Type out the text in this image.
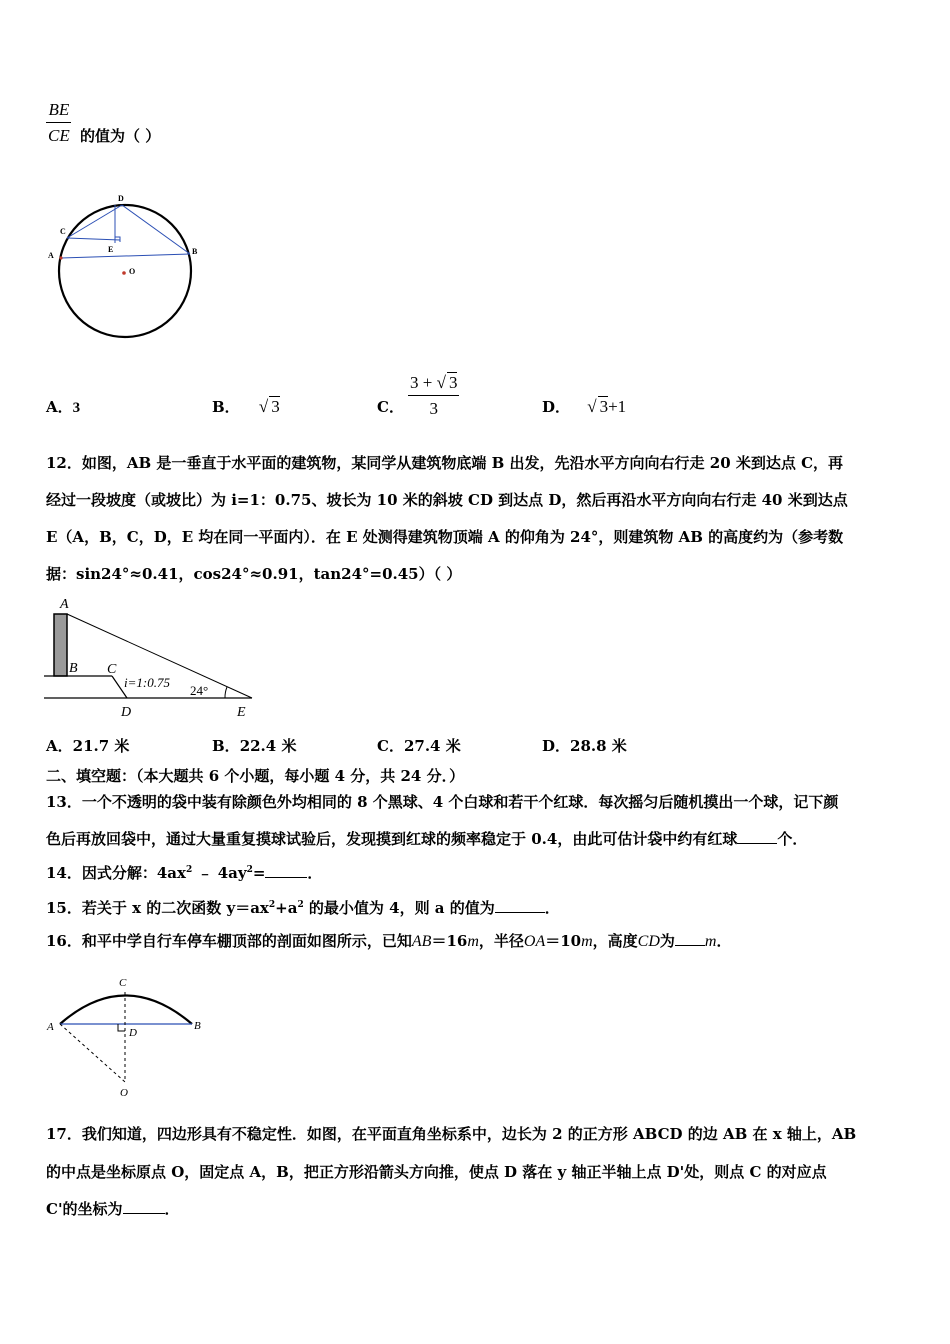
$\frac{BE}{CE}$ 的值为（ ）
D
C
A
E	B
O
A．3	B． √ 3	C． $\frac{3 + √ 3}{3}$	D． √ 3+1
12．如图，AB 是一垂直于水平面的建筑物，某同学从建筑物底端 B 出发，先沿水平方向向右行走 20 米到达点 C，再
经过一段坡度（或坡比）为 i=1：0.75、坡长为 10 米的斜坡 CD 到达点 D，然后再沿水平方向向右行走 40 米到达点
E（A，B，C，D，E 均在同一平面内）．在 E 处测得建筑物顶端 A 的仰角为 24°，则建筑物 AB 的高度约为（参考数
据：sin24°≈0.41，cos24°≈0.91，tan24°=0.45）（ ）
A
B C
i=1:0.75
24°
D	E
A．21.7 米	B．22.4 米	C．27.4 米	D．28.8 米
二、填空题：（本大题共 6 个小题，每小题 4 分，共 24 分．）
13．一个不透明的袋中装有除颜色外均相同的 8 个黑球、4 个白球和若干个红球．每次摇匀后随机摸出一个球，记下颜
色后再放回袋中，通过大量重复摸球试验后，发现摸到红球的频率稳定于 0.4，由此可估计袋中约有红球	个．
14．因式分解：$4ax^2$ ﹣ $4ay^2=$	．
15．若关于 x 的二次函数 $y=ax^2+a^2$ 的最小值为 4，则 a 的值为	．
16．和平中学自行车停车棚顶部的剖面如图所示，已知AB＝16m，半径OA＝10m，高度CD为 m．
C
A	B
D
O
17．我们知道，四边形具有不稳定性．如图，在平面直角坐标系中，边长为 2 的正方形 ABCD 的边 AB 在 x 轴上，AB
的中点是坐标原点 O，固定点 A，B，把正方形沿箭头方向推，使点 D 落在 y 轴正半轴上点 D'处，则点 C 的对应点
C'的坐标为	．
